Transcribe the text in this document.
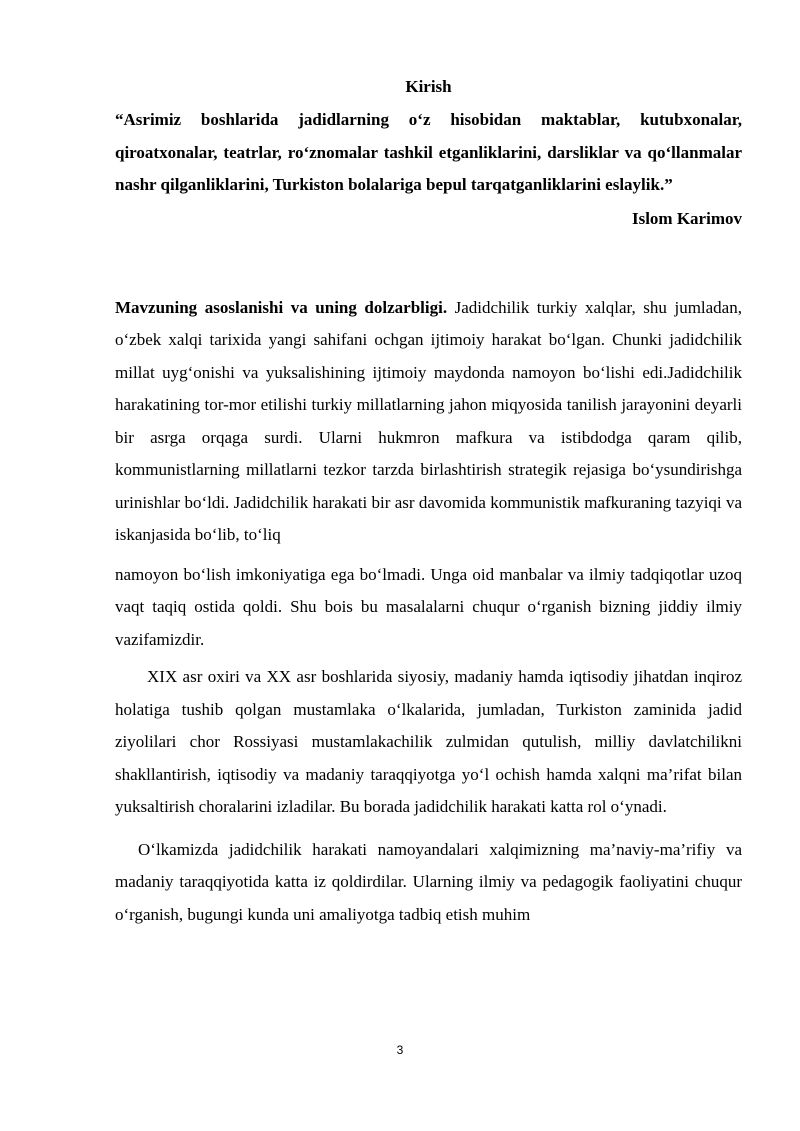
Kirish

“Asrimiz boshlarida jadidlarning o‘z hisobidan maktablar, kutubxonalar, qiroatxonalar, teatrlar, ro‘znomalar tashkil etganliklarini, darsliklar va qo‘llanmalar nashr qilganliklarini, Turkiston bolalariga bepul tarqatganliklarini eslaylik.”

Islom Karimov

Mavzuning asoslanishi va uning dolzarbligi. Jadidchilik turkiy xalqlar, shu jumladan, o‘zbek xalqi tarixida yangi sahifani ochgan ijtimoiy harakat bo‘lgan. Chunki jadidchilik millat uyg‘onishi va yuksalishining ijtimoiy maydonda namoyon bo‘lishi edi.Jadidchilik harakatining tor-mor etilishi turkiy millatlarning jahon miqyosida tanilish jarayonini deyarli bir asrga orqaga surdi. Ularni hukmron mafkura va istibdodga qaram qilib, kommunistlarning millatlarni tezkor tarzda birlashtirish strategik rejasiga bo‘ysundirishga urinishlar bo‘ldi. Jadidchilik harakati bir asr davomida kommunistik mafkuraning tazyiqi va iskanjasida bo‘lib, to‘liq

namoyon bo‘lish imkoniyatiga ega bo‘lmadi. Unga oid manbalar va ilmiy tadqiqotlar uzoq vaqt taqiq ostida qoldi. Shu bois bu masalalarni chuqur o‘rganish bizning jiddiy ilmiy vazifamizdir.

XIX asr oxiri va XX asr boshlarida siyosiy, madaniy hamda iqtisodiy jihatdan inqiroz holatiga tushib qolgan mustamlaka o‘lkalarida, jumladan, Turkiston zaminida jadid ziyolilari chor Rossiyasi mustamlakachilik zulmidan qutulish, milliy davlatchilikni shakllantirish, iqtisodiy va madaniy taraqqiyotga yo‘l ochish hamda xalqni ma’rifat bilan yuksaltirish choralarini izladilar. Bu borada jadidchilik harakati katta rol o‘ynadi.

O‘lkamizda jadidchilik harakati namoyandalari xalqimizning ma’naviy-ma’rifiy va madaniy taraqqiyotida katta iz qoldirdilar. Ularning ilmiy va pedagogik faoliyatini chuqur o‘rganish, bugungi kunda uni amaliyotga tadbiq etish muhim

3
